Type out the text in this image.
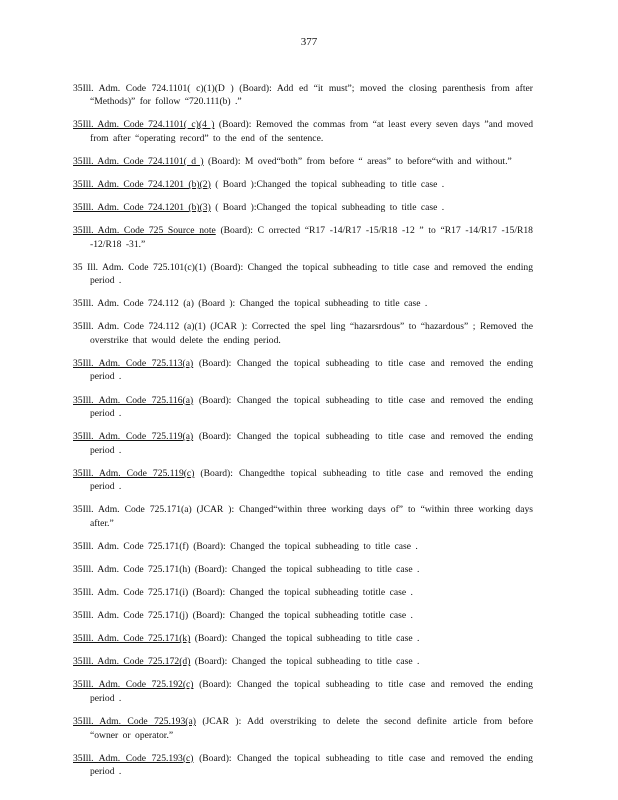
377

35Ill. Adm. Code 724.1101( c)(1)(D ) (Board): Add ed “it must”; moved the closing parenthesis from after “Methods)” for follow “720.111(b) .”

35Ill. Adm. Code 724.1101( c)(4 ) (Board): Removed the commas from “at least every seven days ”and moved from after “operating record” to the end of the sentence.

35Ill. Adm. Code 724.1101( d ) (Board): M oved“both” from before “ areas” to before“with and without.”

35Ill. Adm. Code 724.1201 (b)(2) ( Board ):Changed the topical subheading to title case .

35Ill. Adm. Code 724.1201 (b)(3) ( Board ):Changed the topical subheading to title case .

35Ill. Adm. Code 725 Source note (Board): C orrected “R17 -14/R17 -15/R18 -12 ” to “R17 -14/R17 -15/R18 -12/R18 -31.”

35 Ill. Adm. Code 725.101(c)(1) (Board): Changed the topical subheading to title case and removed the ending period .

35Ill. Adm. Code 724.112 (a) (Board ): Changed the topical subheading to title case .

35Ill. Adm. Code 724.112 (a)(1) (JCAR ): Corrected the spel ling “hazarsrdous” to “hazardous” ; Removed the overstrike that would delete the ending period.

35Ill. Adm. Code 725.113(a) (Board): Changed the topical subheading to title case and removed the ending period .

35Ill. Adm. Code 725.116(a) (Board): Changed the topical subheading to title case and removed the ending period .

35Ill. Adm. Code 725.119(a) (Board): Changed the topical subheading to title case and removed the ending period .

35Ill. Adm. Code 725.119(c) (Board): Changedthe topical subheading to title case and removed the ending period .

35Ill. Adm. Code 725.171(a) (JCAR ): Changed“within three working days of” to “within three working days after.”

35Ill. Adm. Code 725.171(f) (Board): Changed the topical subheading to title case .

35Ill. Adm. Code 725.171(h) (Board): Changed the topical subheading to title case .

35Ill. Adm. Code 725.171(i) (Board): Changed the topical subheading totitle case .

35Ill. Adm. Code 725.171(j) (Board): Changed the topical subheading totitle case .

35Ill. Adm. Code 725.171(k) (Board): Changed the topical subheading to title case .

35Ill. Adm. Code 725.172(d) (Board): Changed the topical subheading to title case .

35Ill. Adm. Code 725.192(c) (Board): Changed the topical subheading to title case and removed the ending period .

35Ill. Adm. Code 725.193(a) (JCAR ): Add overstriking to delete the second definite article from before “owner or operator.”

35Ill. Adm. Code 725.193(c) (Board): Changed the topical subheading to title case and removed the ending period .
